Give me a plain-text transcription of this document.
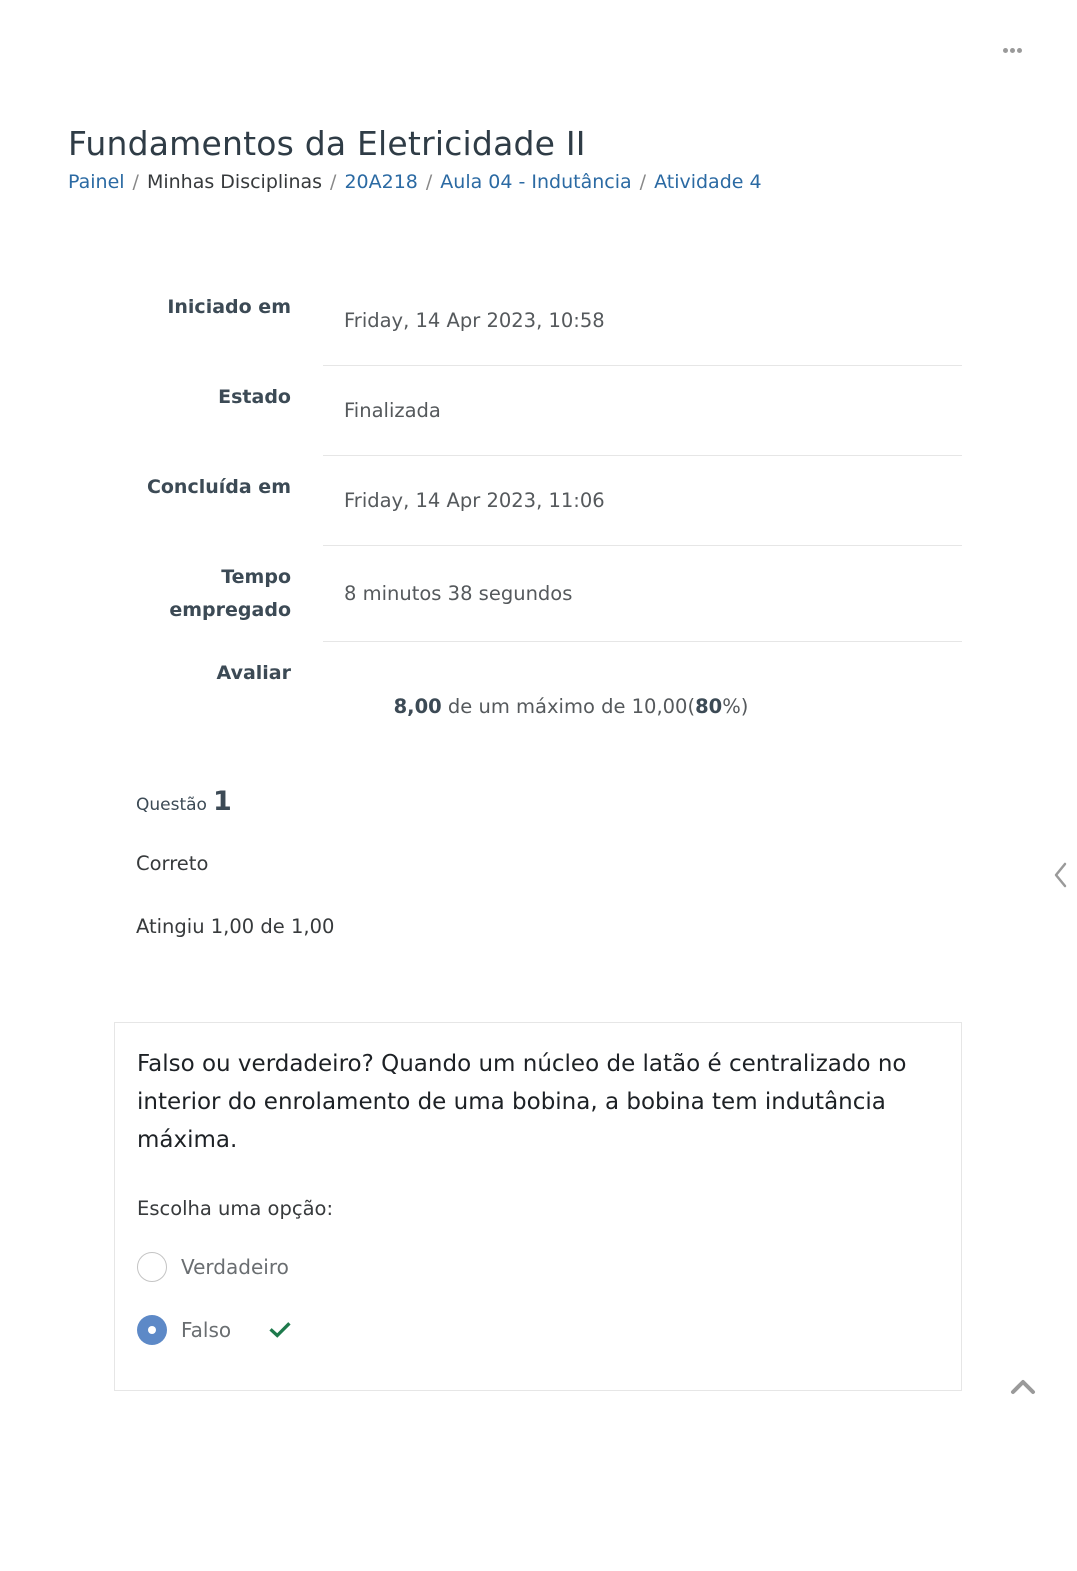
Fundamentos da Eletricidade II
Painel / Minhas Disciplinas / 20A218 / Aula 04 - Indutância / Atividade 4
Iniciado em
Friday, 14 Apr 2023, 10:58
Estado
Finalizada
Concluída em
Friday, 14 Apr 2023, 11:06
Tempo
empregado
8 minutos 38 segundos
Avaliar

8,00 de um máximo de 10,00(80%)

Questão 1
Correto
Atingiu 1,00 de 1,00

Falso ou verdadeiro? Quando um núcleo de latão é centralizado no interior do enrolamento de uma bobina, a bobina tem indutância máxima.

Escolha uma opção:
Verdadeiro
Falso
